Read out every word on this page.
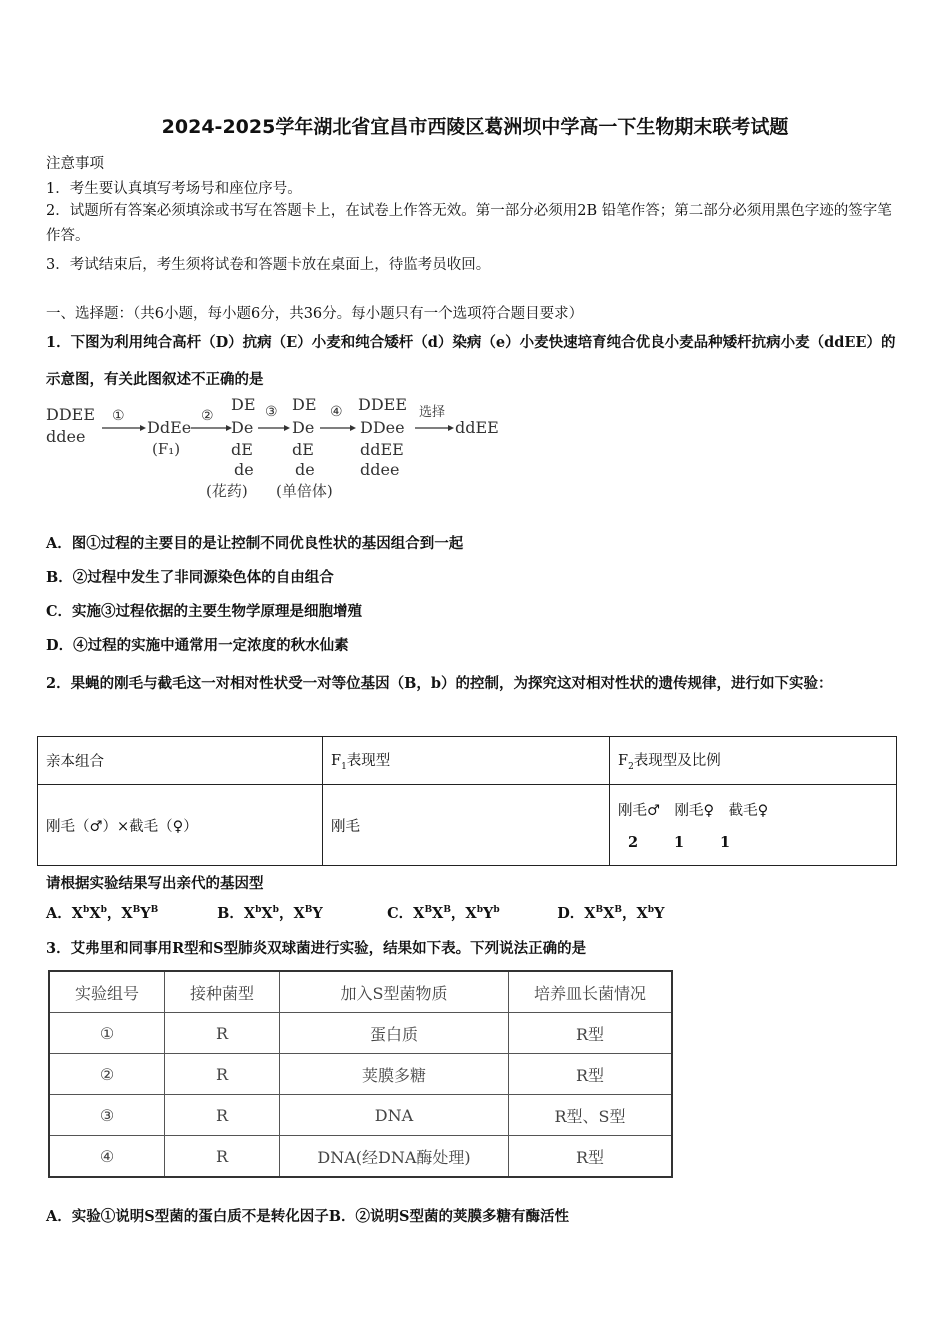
2024-2025学年湖北省宜昌市西陵区葛洲坝中学高一下生物期末联考试题
注意事项
1．考生要认真填写考场号和座位序号。
2．试题所有答案必须填涂或书写在答题卡上，在试卷上作答无效。第一部分必须用2B 铅笔作答；第二部分必须用黑色字迹的签字笔作答。
3．考试结束后，考生须将试卷和答题卡放在桌面上，待监考员收回。
一、选择题：（共6小题，每小题6分，共36分。每小题只有一个选项符合题目要求）
1．下图为利用纯合高杆（D）抗病（E）小麦和纯合矮杆（d）染病（e）小麦快速培育纯合优良小麦品种矮杆抗病小麦（ddEE）的示意图，有关此图叙述不正确的是
DDEE
ddee
①
DdEe
(F₁)
②
DE
De
dE
de
(花药)
③ DE
De
dE
de
(单倍体)
④ DDEE
DDee
ddEE
ddee
选择
ddEE
A．图①过程的主要目的是让控制不同优良性状的基因组合到一起
B．②过程中发生了非同源染色体的自由组合
C．实施③过程依据的主要生物学原理是细胞增殖
D．④过程的实施中通常用一定浓度的秋水仙素
2．果蝇的刚毛与截毛这一对相对性状受一对等位基因（B，b）的控制，为探究这对相对性状的遗传规律，进行如下实验：
亲本组合	$F_1$表现型	$F_2$表现型及比例
刚毛（♂）×截毛（♀）	刚毛	刚毛♂　刚毛♀　截毛♀
2 1 1
请根据实验结果写出亲代的基因型
A．$X^bX^b$，$X^BY^B$	B．$X^bX^b$，$X^BY$	C．$X^BX^B$，$X^bY^b$	D．$X^BX^B$，$X^bY$
3．艾弗里和同事用R型和S型肺炎双球菌进行实验，结果如下表。下列说法正确的是
实验组号	接种菌型	加入S型菌物质	培养皿长菌情况
①	R	蛋白质	R型
②	R	荚膜多糖	R型
③	R	DNA	R型、S型
④	R	DNA(经DNA酶处理)	R型
A．实验①说明S型菌的蛋白质不是转化因子B．②说明S型菌的荚膜多糖有酶活性
